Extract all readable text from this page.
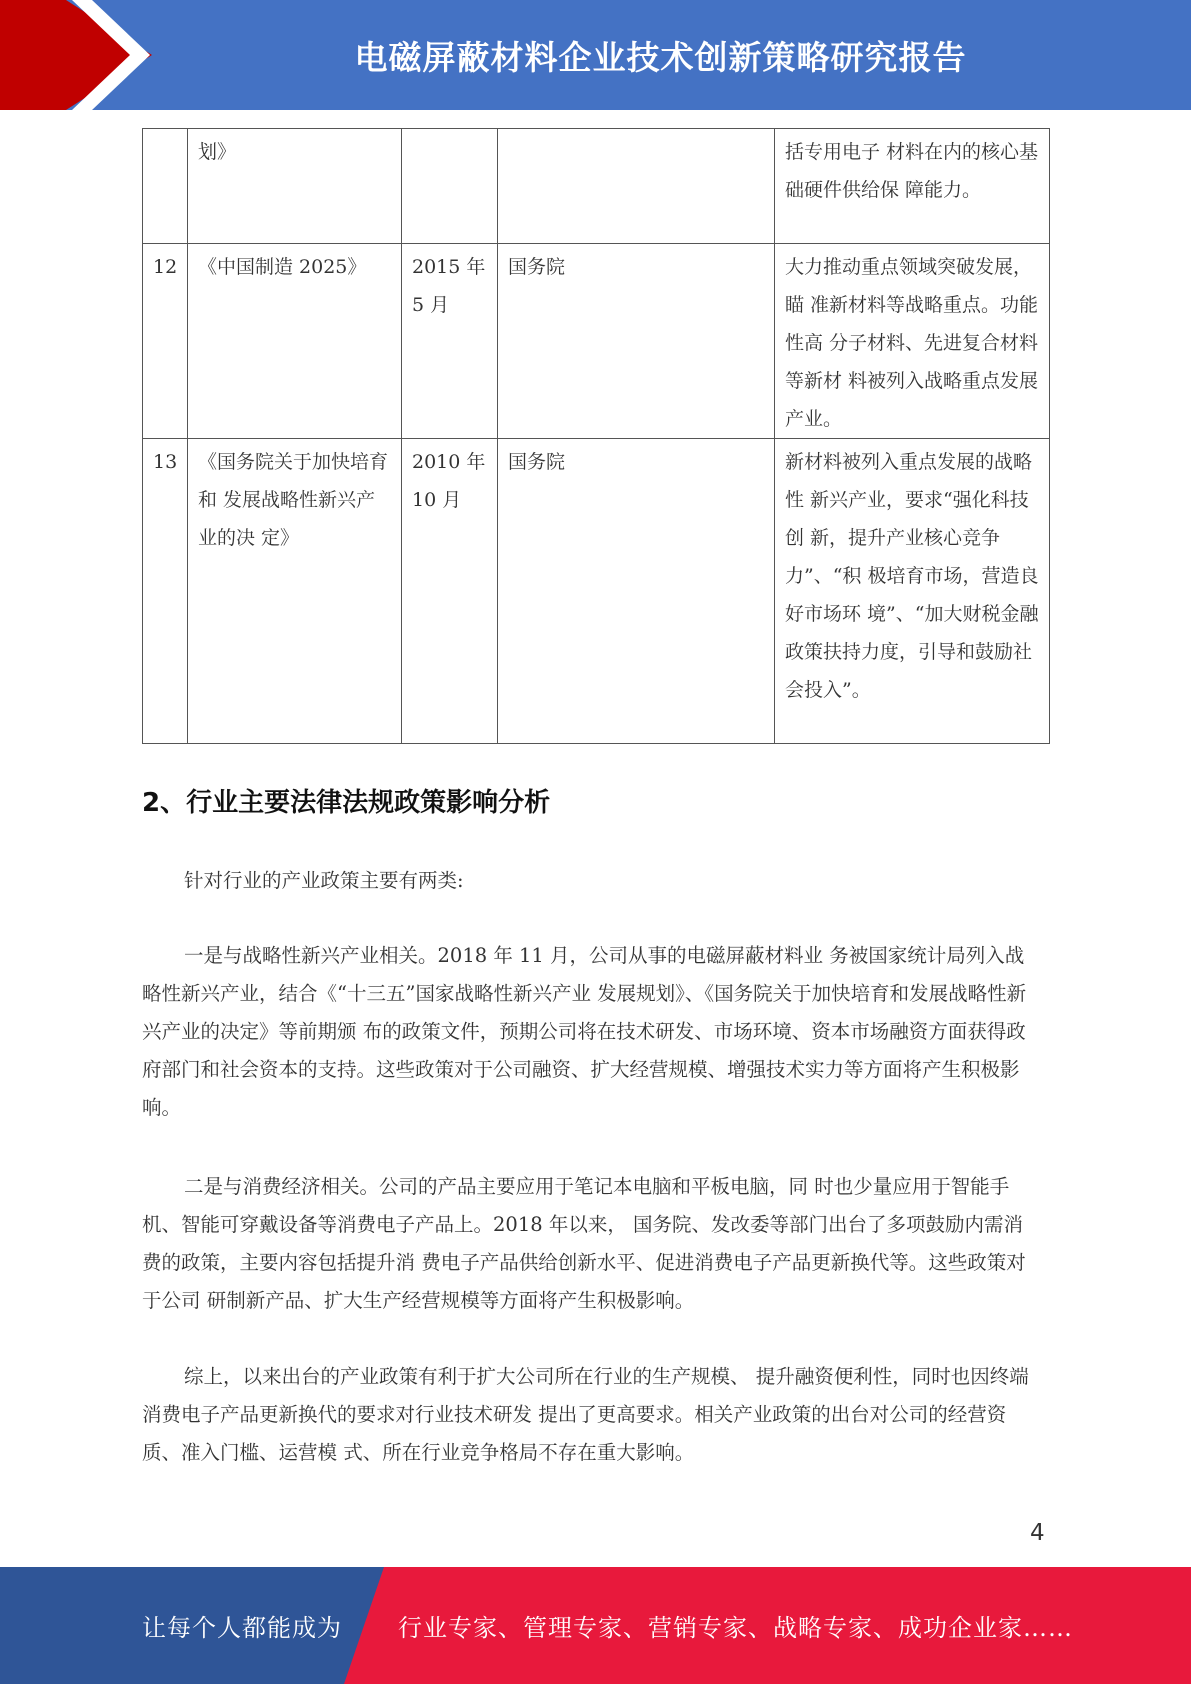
电磁屏蔽材料企业技术创新策略研究报告
	划》			括专用电子 材料在内的核心基础硬件供给保 障能力。
12	《中国制造 2025》	2015 年 5 月	国务院	大力推动重点领域突破发展，瞄 准新材料等战略重点。功能性高 分子材料、先进复合材料等新材 料被列入战略重点发展产业。
13	《国务院关于加快培育和 发展战略性新兴产业的决 定》	2010 年 10 月	国务院	新材料被列入重点发展的战略性 新兴产业，要求“强化科技创 新，提升产业核心竞争力”、“积 极培育市场，营造良好市场环 境”、“加大财税金融政策扶持力度，引导和鼓励社会投入”。
2、行业主要法律法规政策影响分析

针对行业的产业政策主要有两类:

一是与战略性新兴产业相关。2018 年 11 月，公司从事的电磁屏蔽材料业 务被国家统计局列入战略性新兴产业，结合《“十三五”国家战略性新兴产业 发展规划》、《国务院关于加快培育和发展战略性新兴产业的决定》等前期颁 布的政策文件，预期公司将在技术研发、市场环境、资本市场融资方面获得政 府部门和社会资本的支持。这些政策对于公司融资、扩大经营规模、增强技术实力等方面将产生积极影响。

二是与消费经济相关。公司的产品主要应用于笔记本电脑和平板电脑，同 时也少量应用于智能手机、智能可穿戴设备等消费电子产品上。2018 年以来， 国务院、发改委等部门出台了多项鼓励内需消费的政策，主要内容包括提升消 费电子产品供给创新水平、促进消费电子产品更新换代等。这些政策对于公司 研制新产品、扩大生产经营规模等方面将产生积极影响。

综上，以来出台的产业政策有利于扩大公司所在行业的生产规模、 提升融资便利性，同时也因终端消费电子产品更新换代的要求对行业技术研发 提出了更高要求。相关产业政策的出台对公司的经营资质、准入门槛、运营模 式、所在行业竞争格局不存在重大影响。

4
让每个人都能成为 行业专家、管理专家、营销专家、战略专家、成功企业家……
